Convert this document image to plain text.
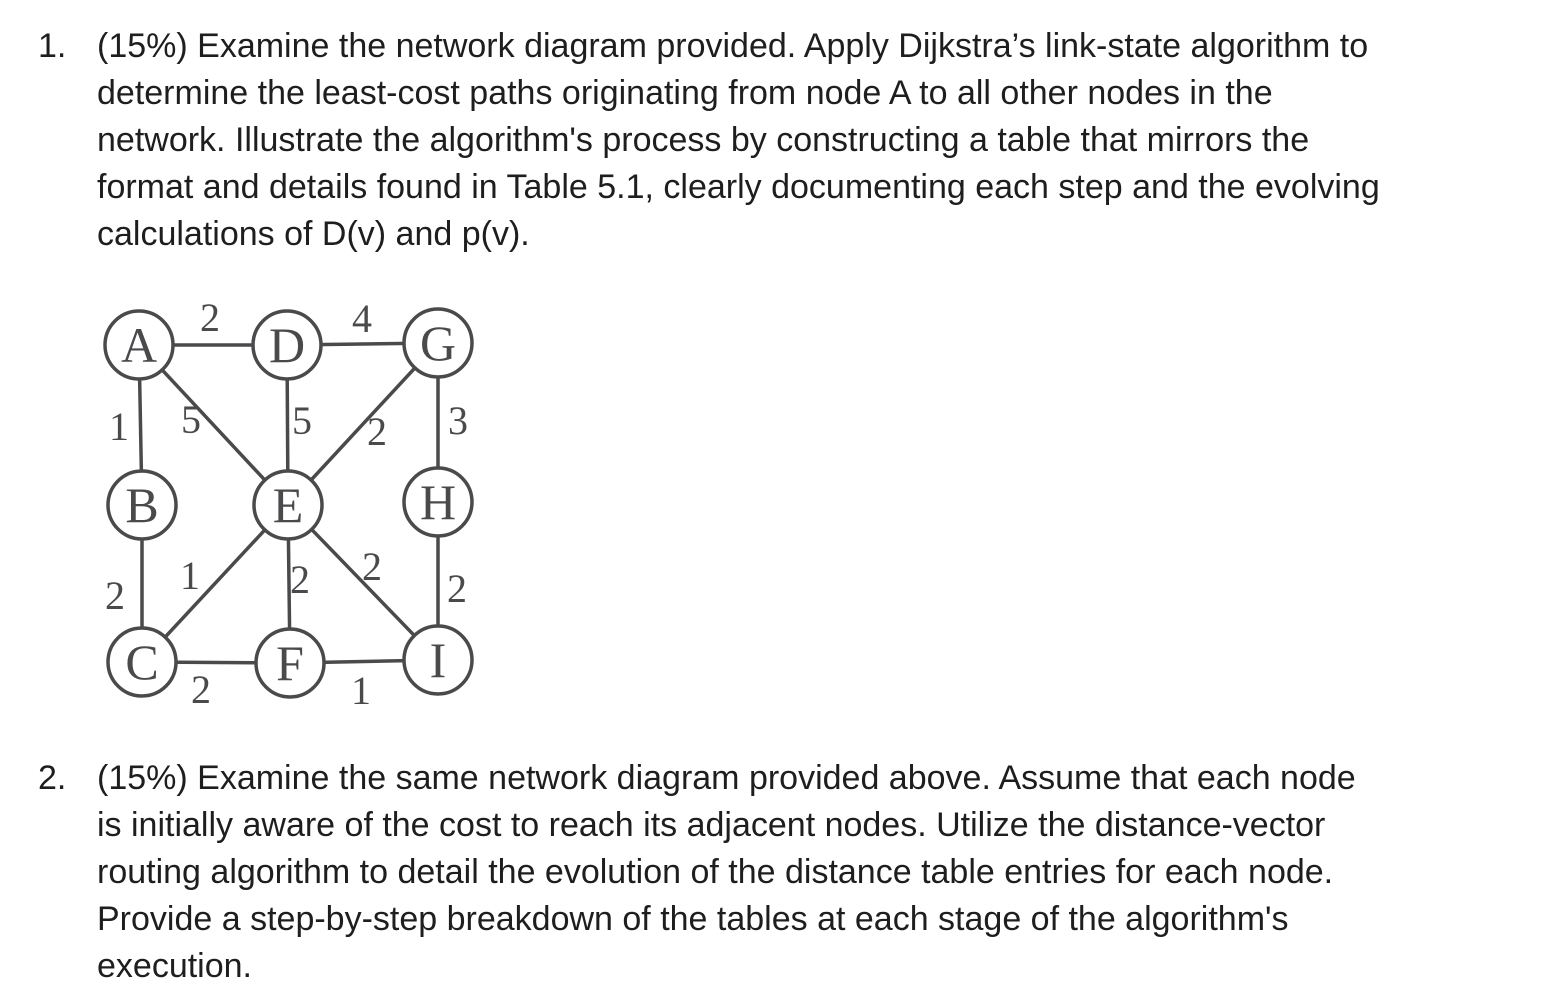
1. (15%) Examine the network diagram provided. Apply Dijkstra’s link-state algorithm to
determine the least-cost paths originating from node A to all other nodes in the
network. Illustrate the algorithm's process by constructing a table that mirrors the
format and details found in Table 5.1, clearly documenting each step and the evolving
calculations of D(v) and p(v).
A D G
B E H
C F	I
2	4
1 5 5 2 3
2 1 2 2 2
2	1
2. (15%) Examine the same network diagram provided above. Assume that each node
is initially aware of the cost to reach its adjacent nodes. Utilize the distance-vector
routing algorithm to detail the evolution of the distance table entries for each node.
Provide a step-by-step breakdown of the tables at each stage of the algorithm's
execution.
